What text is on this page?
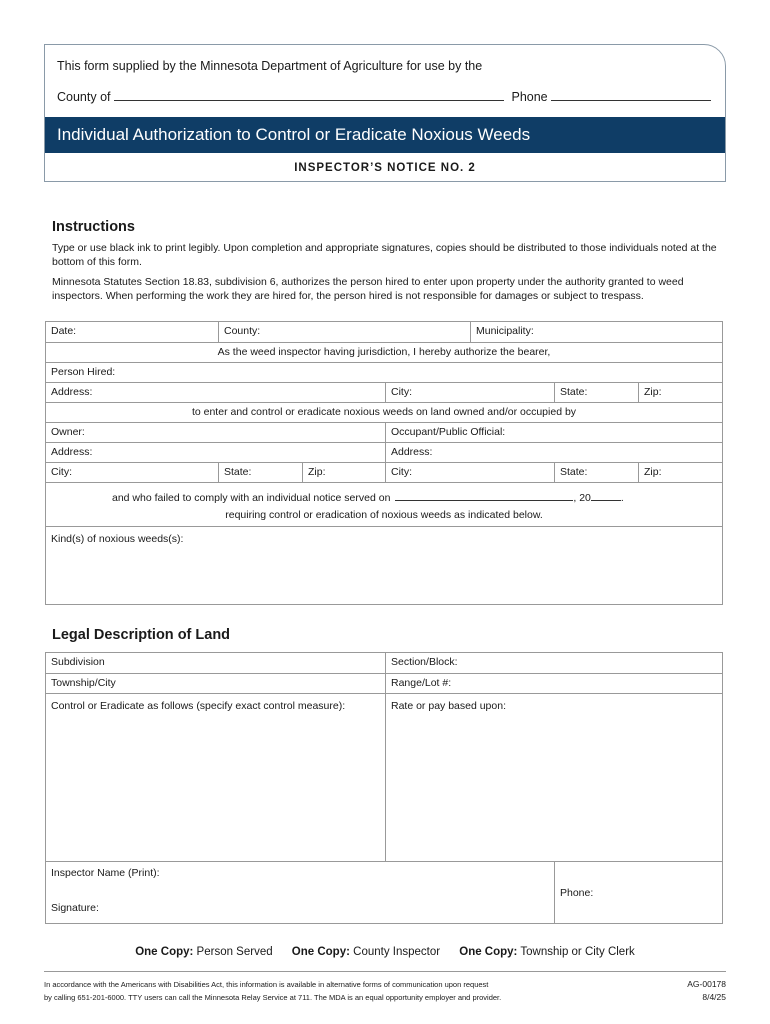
This form supplied by the Minnesota Department of Agriculture for use by the
County of	Phone
Individual Authorization to Control or Eradicate Noxious Weeds
INSPECTOR’S NOTICE NO. 2
Instructions
Type or use black ink to print legibly. Upon completion and appropriate signatures, copies should be distributed to those individuals noted at the bottom of this form.
Minnesota Statutes Section 18.83, subdivision 6, authorizes the person hired to enter upon property under the authority granted to weed inspectors. When performing the work they are hired for, the person hired is not responsible for damages or subject to trespass.
Date:	County:	Municipality:
As the weed inspector having jurisdiction, I hereby authorize the bearer,
Person Hired:
Address:	City:	State:	Zip:
to enter and control or eradicate noxious weeds on land owned and/or occupied by
Owner:	Occupant/Public Official:
Address:	Address:
City:	State:	Zip:	City:	State:	Zip:
and who failed to comply with an individual notice served on	, 20	.
requiring control or eradication of noxious weeds as indicated below.
Kind(s) of noxious weeds(s):
Legal Description of Land
Subdivision	Section/Block:
Township/City	Range/Lot #:
Control or Eradicate as follows (specify exact control measure):	Rate or pay based upon:
Inspector Name (Print):
Signature:
Phone:
One Copy: Person Served One Copy: County Inspector One Copy: Township or City Clerk
In accordance with the Americans with Disabilities Act, this information is available in alternative forms of communication upon request
by calling 651-201-6000. TTY users can call the Minnesota Relay Service at 711. The MDA is an equal opportunity employer and provider.
AG-00178
8/4/25
